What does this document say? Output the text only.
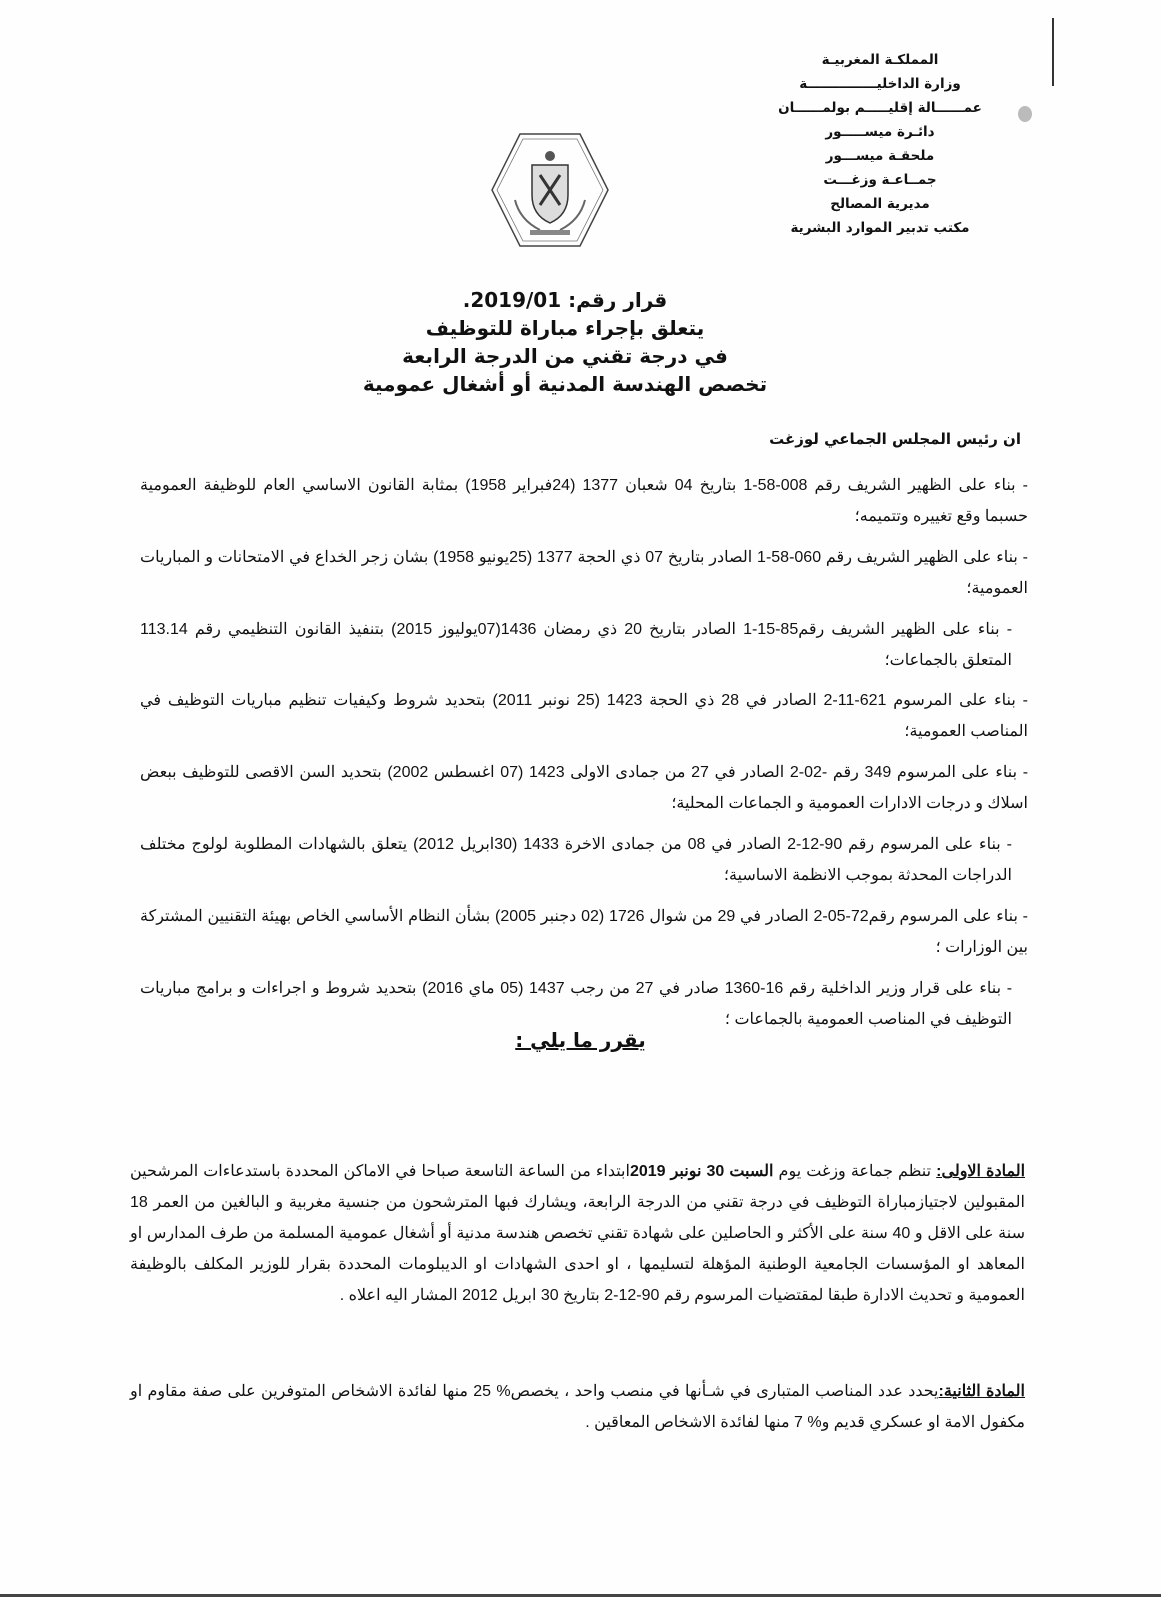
المملكـة المغربيـة
وزارة الداخليـــــــــــــــة
عمــــــالة إقليـــــم بولمــــــان
دائـرة ميســـــور
ملحقـة ميســـور
جمــاعـة وزغـــت
مديرية المصالح
مكتب تدبير الموارد البشرية
قرار رقم: 2019/01.
يتعلق بإجراء مباراة للتوظيف
في درجة تقني من الدرجة الرابعة
تخصص الهندسة المدنية أو أشغال عمومية
ان رئيس المجلس الجماعي لوزغت
- بناء على الظهير الشريف رقم 008-58-1 بتاريخ 04 شعبان 1377 (24فبراير 1958) بمثابة القانون الاساسي العام للوظيفة العمومية حسبما وقع تغييره وتتميمه؛
- بناء على الظهير الشريف رقم 060-58-1 الصادر بتاريخ 07 ذي الحجة 1377 (25يونيو 1958) بشان زجر الخداع في الامتحانات و المباريات العمومية؛
- بناء على الظهير الشريف رقم85-15-1 الصادر بتاريخ 20 ذي رمضان 1436(07يوليوز 2015) بتنفيذ القانون التنظيمي رقم 113.14 المتعلق بالجماعات؛
- بناء على المرسوم 621-11-2 الصادر في 28 ذي الحجة 1423 (25 نونبر 2011) بتحديد شروط وكيفيات تنظيم مباريات التوظيف في المناصب العمومية؛
- بناء على المرسوم 349 رقم -02-2 الصادر في 27 من جمادى الاولى 1423 (07 اغسطس 2002) بتحديد السن الاقصى للتوظيف ببعض اسلاك و درجات الادارات العمومية و الجماعات المحلية؛
- بناء على المرسوم رقم 90-12-2 الصادر في 08 من جمادى الاخرة 1433 (30ابريل 2012) يتعلق بالشهادات المطلوبة لولوج مختلف الدراجات المحدثة بموجب الانظمة الاساسية؛
- بناء على المرسوم رقم72-05-2 الصادر في 29 من شوال 1726 (02 دجنبر 2005) بشأن النظام الأساسي الخاص بهيئة التقنيين المشتركة بين الوزارات ؛
- بناء على قرار وزير الداخلية رقم 16-1360 صادر في 27 من رجب 1437 (05 ماي 2016) بتحديد شروط و اجراءات و برامج مباريات التوظيف في المناصب العمومية بالجماعات ؛
يقرر ما يلي :
المادة الاولى: تنظم جماعة وزغت يوم السبت 30 نونبر 2019ابتداء من الساعة التاسعة صباحا في الاماكن المحددة باستدعاءات المرشحين المقبولين لاجتيازمباراة التوظيف في درجة تقني من الدرجة الرابعة، ويشارك فبها المترشحون من جنسية مغربية و البالغين من العمر 18 سنة على الاقل و 40 سنة على الأكثر و الحاصلين على شهادة تقني تخصص هندسة مدنية أو أشغال عمومية المسلمة من طرف المدارس او المعاهد او المؤسسات الجامعية الوطنية المؤهلة لتسليمها ، او احدى الشهادات او الديبلومات المحددة بقرار للوزير المكلف بالوظيفة العمومية و تحديث الادارة طبقا لمقتضيات المرسوم رقم 90-12-2 بتاريخ 30 ابريل 2012 المشار اليه اعلاه .
المادة الثانية:يحدد عدد المناصب المتبارى في شـأنها في منصب واحد ، يخصص% 25 منها لفائدة الاشخاص المتوفرين على صفة مقاوم او مكفول الامة او عسكري قديم و% 7 منها لفائدة الاشخاص المعاقين .
